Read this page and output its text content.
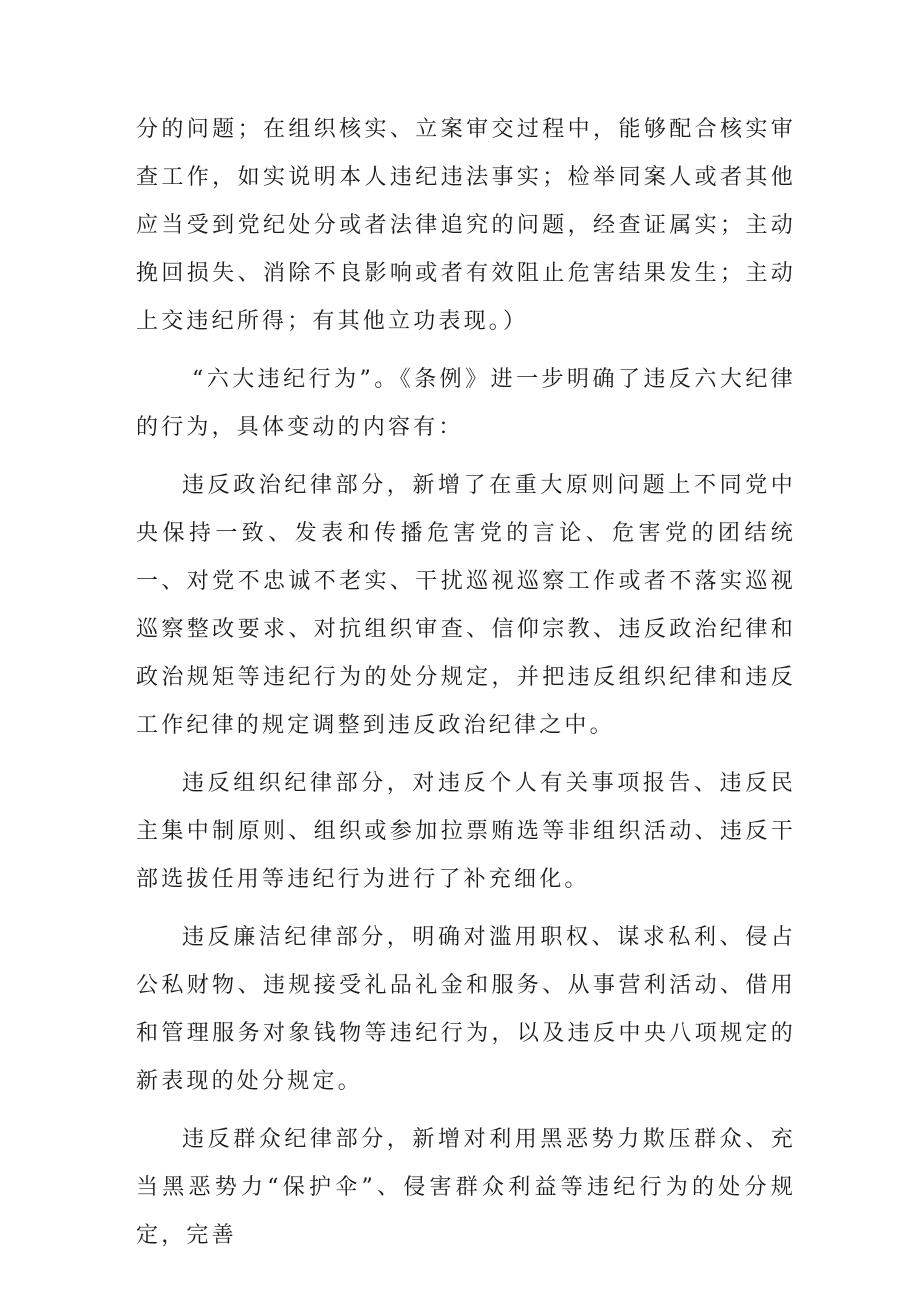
分的问题；在组织核实、立案审交过程中，能够配合核实审查工作，如实说明本人违纪违法事实；检举同案人或者其他应当受到党纪处分或者法律追究的问题，经查证属实；主动挽回损失、消除不良影响或者有效阻止危害结果发生；主动上交违纪所得；有其他立功表现。）

“六大违纪行为”。《条例》进一步明确了违反六大纪律的行为，具体变动的内容有：

违反政治纪律部分，新增了在重大原则问题上不同党中央保持一致、发表和传播危害党的言论、危害党的团结统一、对党不忠诚不老实、干扰巡视巡察工作或者不落实巡视巡察整改要求、对抗组织审查、信仰宗教、违反政治纪律和政治规矩等违纪行为的处分规定，并把违反组织纪律和违反工作纪律的规定调整到违反政治纪律之中。

违反组织纪律部分，对违反个人有关事项报告、违反民主集中制原则、组织或参加拉票贿选等非组织活动、违反干部选拔任用等违纪行为进行了补充细化。

违反廉洁纪律部分，明确对滥用职权、谋求私利、侵占公私财物、违规接受礼品礼金和服务、从事营利活动、借用和管理服务对象钱物等违纪行为，以及违反中央八项规定的新表现的处分规定。

违反群众纪律部分，新增对利用黑恶势力欺压群众、充当黑恶势力“保护伞”、侵害群众利益等违纪行为的处分规定，完善
